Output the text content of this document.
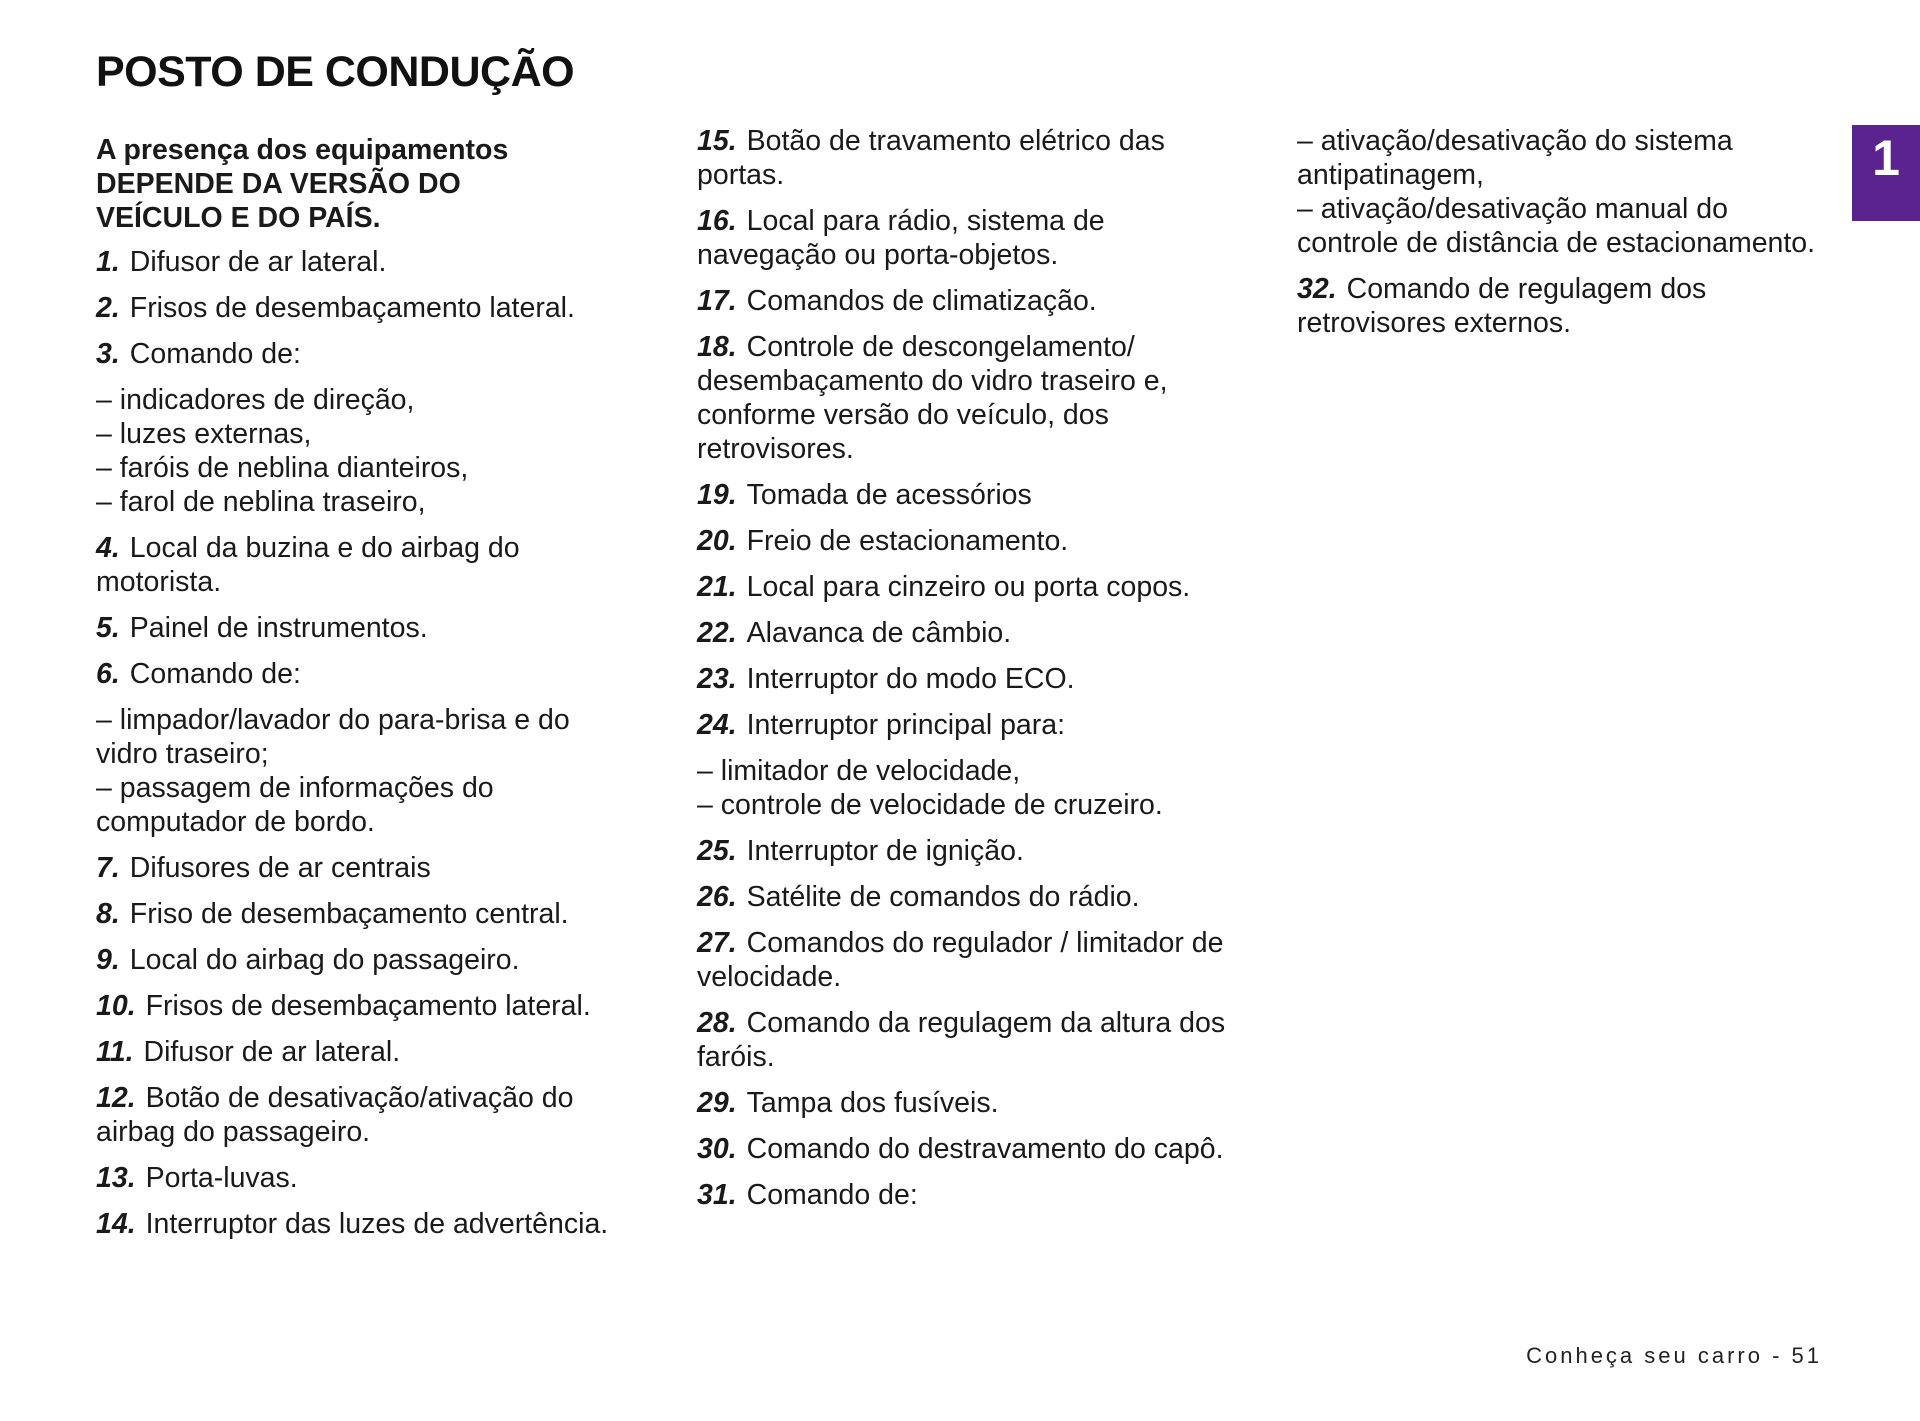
POSTO DE CONDUÇÃO
A presença dos equipamentos
DEPENDE DA VERSÃO DO
VEÍCULO E DO PAÍS.
1. Difusor de ar lateral.
2. Frisos de desembaçamento lateral.
3. Comando de:
– indicadores de direção,
– luzes externas,
– faróis de neblina dianteiros,
– farol de neblina traseiro,
4. Local da buzina e do airbag do motorista.
5. Painel de instrumentos.
6. Comando de:
– limpador/lavador do para-brisa e do vidro traseiro;
– passagem de informações do computador de bordo.
7. Difusores de ar centrais
8. Friso de desembaçamento central.
9. Local do airbag do passageiro.
10. Frisos de desembaçamento lateral.
11. Difusor de ar lateral.
12. Botão de desativação/ativação do airbag do passageiro.
13. Porta-luvas.
14. Interruptor das luzes de advertência.
15. Botão de travamento elétrico das portas.
16. Local para rádio, sistema de navegação ou porta-objetos.
17. Comandos de climatização.
18. Controle de descongelamento/ desembaçamento do vidro traseiro e, conforme versão do veículo, dos retrovisores.
19. Tomada de acessórios
20. Freio de estacionamento.
21. Local para cinzeiro ou porta copos.
22. Alavanca de câmbio.
23. Interruptor do modo ECO.
24. Interruptor principal para:
– limitador de velocidade,
– controle de velocidade de cruzeiro.
25. Interruptor de ignição.
26. Satélite de comandos do rádio.
27. Comandos do regulador / limitador de velocidade.
28. Comando da regulagem da altura dos faróis.
29. Tampa dos fusíveis.
30. Comando do destravamento do capô.
31. Comando de:
– ativação/desativação do sistema antipatinagem,
– ativação/desativação manual do controle de distância de estacionamento.
32. Comando de regulagem dos retrovisores externos.
1
Conheça seu carro - 51
